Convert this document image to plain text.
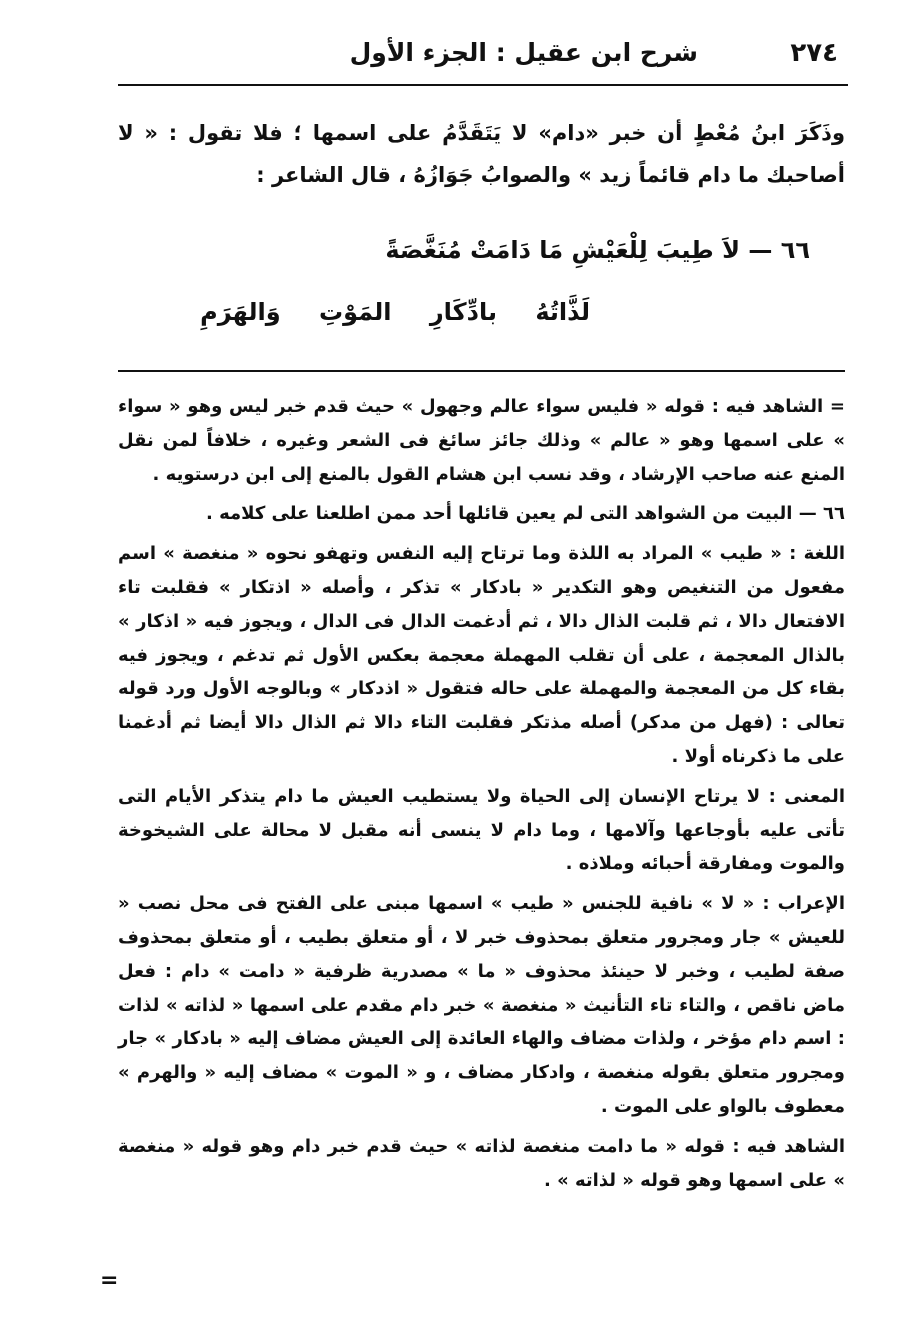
٢٧٤
شرح ابن عقيل : الجزء الأول
وذَكَرَ ابنُ مُعْطٍ أن خبر «دام» لا يَتَقَدَّمُ على اسمها ؛ فلا تقول : « لا أصاحبك ما دام قائماً زيد » والصوابُ جَوَازُهُ ، قال الشاعر :
٦٦ — لاَ طِيبَ لِلْعَيْشِ مَا دَامَتْ مُنَغَّصَةً
لَذَّاتُهُ بادِّكَارِ المَوْتِ وَالهَرَمِ

= الشاهد فيه : قوله « فليس سواء عالم وجهول » حيث قدم خبر ليس وهو « سواء » على اسمها وهو « عالم » وذلك جائز سائغ فى الشعر وغيره ، خلافاً لمن نقل المنع عنه صاحب الإرشاد ، وقد نسب ابن هشام القول بالمنع إلى ابن درستويه .

٦٦ — البيت من الشواهد التى لم يعين قائلها أحد ممن اطلعنا على كلامه .

اللغة : « طيب » المراد به اللذة وما ترتاح إليه النفس وتهفو نحوه « منغصة » اسم مفعول من التنغيص وهو التكدير « بادكار » تذكر ، وأصله « اذتكار » فقلبت تاء الافتعال دالا ، ثم قلبت الذال دالا ، ثم أدغمت الدال فى الدال ، ويجوز فيه « اذكار » بالذال المعجمة ، على أن تقلب المهملة معجمة بعكس الأول ثم تدغم ، ويجوز فيه بقاء كل من المعجمة والمهملة على حاله فتقول « اذدكار » وبالوجه الأول ورد قوله تعالى : (فهل من مدكر) أصله مذتكر فقلبت التاء دالا ثم الذال دالا أيضا ثم أدغمنا على ما ذكرناه أولا .

المعنى : لا يرتاح الإنسان إلى الحياة ولا يستطيب العيش ما دام يتذكر الأيام التى تأتى عليه بأوجاعها وآلامها ، وما دام لا ينسى أنه مقبل لا محالة على الشيخوخة والموت ومفارقة أحبائه وملاذه .

الإعراب : « لا » نافية للجنس « طيب » اسمها مبنى على الفتح فى محل نصب « للعيش » جار ومجرور متعلق بمحذوف خبر لا ، أو متعلق بطيب ، أو متعلق بمحذوف صفة لطيب ، وخبر لا حينئذ محذوف « ما » مصدرية ظرفية « دامت » دام : فعل ماض ناقص ، والتاء تاء التأنيث « منغصة » خبر دام مقدم على اسمها « لذاته » لذات : اسم دام مؤخر ، ولذات مضاف والهاء العائدة إلى العيش مضاف إليه « بادكار » جار ومجرور متعلق بقوله منغصة ، وادكار مضاف ، و « الموت » مضاف إليه « والهرم » معطوف بالواو على الموت .

الشاهد فيه : قوله « ما دامت منغصة لذاته » حيث قدم خبر دام وهو قوله « منغصة » على اسمها وهو قوله « لذاته » .

=
